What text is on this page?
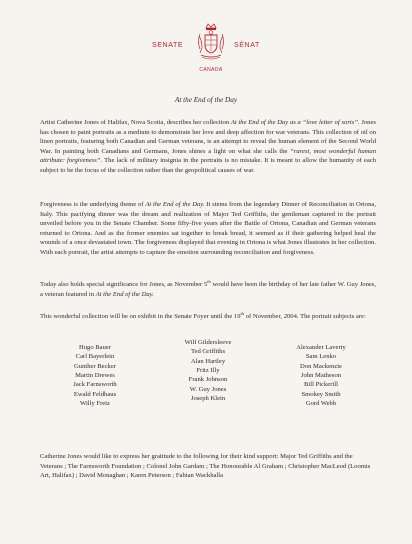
SENATE	SÉNAT
CANADA
At the End of the Day

Artist Catherine Jones of Halifax, Nova Scotia, describes her collection At the End of the Day as a “love letter of sorts”. Jones has chosen to paint portraits as a medium to demonstrate her love and deep affection for war veterans. This collection of oil on linen portraits, featuring both Canadian and German veterans, is an attempt to reveal the human element of the Second World War. In painting both Canadians and Germans, Jones shines a light on what she calls the “rarest, most wonderful human attribute: forgiveness”. The lack of military insignia in the portraits is no mistake. It is meant to allow the humanity of each subject to be the focus of the collection rather than the geopolitical causes of war.

Forgiveness is the underlying theme of At the End of the Day. It stems from the legendary Dinner of Reconciliation in Ortona, Italy. This pacifying dinner was the dream and realization of Major Ted Griffiths, the gentleman captured in the portrait unveiled before you in the Senate Chamber. Some fifty-five years after the Battle of Ortona, Canadian and German veterans returned to Ortona. And as the former enemies sat together to break bread, it seemed as if their gathering helped heal the wounds of a once devastated town. The forgiveness displayed that evening in Ortona is what Jones illustrates in her collection. With each portrait, the artist attempts to capture the emotion surrounding reconciliation and forgiveness.

Today also holds special significance for Jones, as November 5th would have been the birthday of her late father W. Guy Jones, a veteran featured in At the End of the Day.

This wonderful collection will be on exhibit in the Senate Foyer until the 19th of November, 2004. The portrait subjects are:

Hugo Bauer
Carl Bayerlein
Gunther Becker
Martin Drewes
Jack Farnsworth
Ewald Feldhaus
Willy Fretz
Wilf Gildersleeve
Ted Griffiths
Alan Hartley
Fritz Illy
Frank Johnson
W. Guy Jones
Joseph Klein
Alexander Laverty
Sam Lenko
Don Mackenzie
John Matheson
Bill Pickerill
Smokey Smith
Gord Webb

Catherine Jones would like to express her gratitude to the following for their kind support: Major Ted Griffiths and the Veterans ; The Farnsworth Foundation ; Colonel John Gardam ; The Honourable Al Graham ; Christopher MacLeod (Loomis Art, Halifax) ; David Monaghan ; Karen Peterson ; Fabian Wackhalla
